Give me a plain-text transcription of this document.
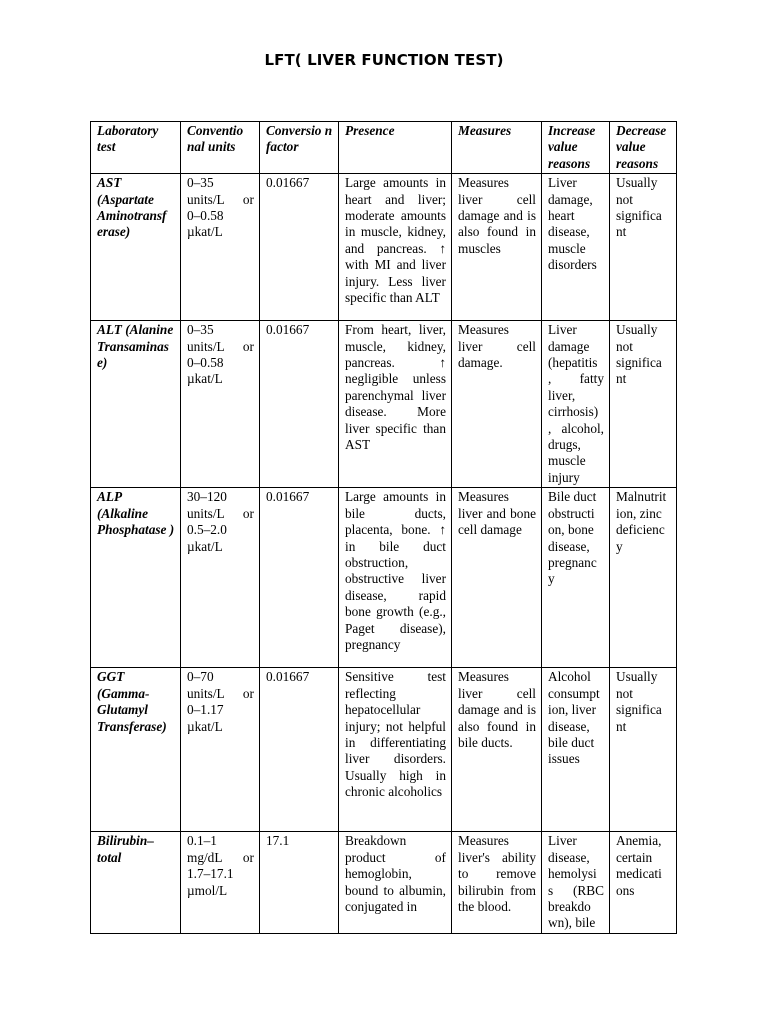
LFT( LIVER FUNCTION TEST)
Laboratory test	Conventio nal units	Conversio n factor	Presence	Measures	Increase value reasons	Decrease value reasons
AST (Aspartate Aminotransf erase)	0–35 units/L or 0–0.58 µkat/L	0.01667	Large amounts in heart and liver; moderate amounts in muscle, kidney, and pancreas. ↑ with MI and liver injury. Less liver specific than ALT	Measures liver cell damage and is also found in muscles	Liver damage, heart disease, muscle disorders	Usually not significa nt
ALT (Alanine Transaminas e)	0–35 units/L or 0–0.58 µkat/L	0.01667	From heart, liver, muscle, kidney, pancreas. ↑ negligible unless parenchymal liver disease. More liver specific than AST	Measures liver cell damage.	Liver damage (hepatitis , fatty liver, cirrhosis) , alcohol, drugs, muscle injury	Usually not significa nt
ALP (Alkaline Phosphatase )	30–120 units/L or 0.5–2.0 µkat/L	0.01667	Large amounts in bile ducts, placenta, bone. ↑ in bile duct obstruction, obstructive liver disease, rapid bone growth (e.g., Paget disease), pregnancy	Measures liver and bone cell damage	Bile duct obstructi on, bone disease, pregnanc y	Malnutrit ion, zinc deficienc y
GGT (Gamma-Glutamyl Transferase)	0–70 units/L or 0–1.17 µkat/L	0.01667	Sensitive test reflecting hepatocellular injury; not helpful in differentiating liver disorders. Usually high in chronic alcoholics	Measures liver cell damage and is also found in bile ducts.	Alcohol consumpt ion, liver disease, bile duct issues	Usually not significa nt
Bilirubin–total	0.1–1 mg/dL or 1.7–17.1 µmol/L	17.1	Breakdown product of hemoglobin, bound to albumin, conjugated in	Measures liver's ability to remove bilirubin from the blood.	Liver disease, hemolysi s (RBC breakdo wn), bile	Anemia, certain medicati ons
